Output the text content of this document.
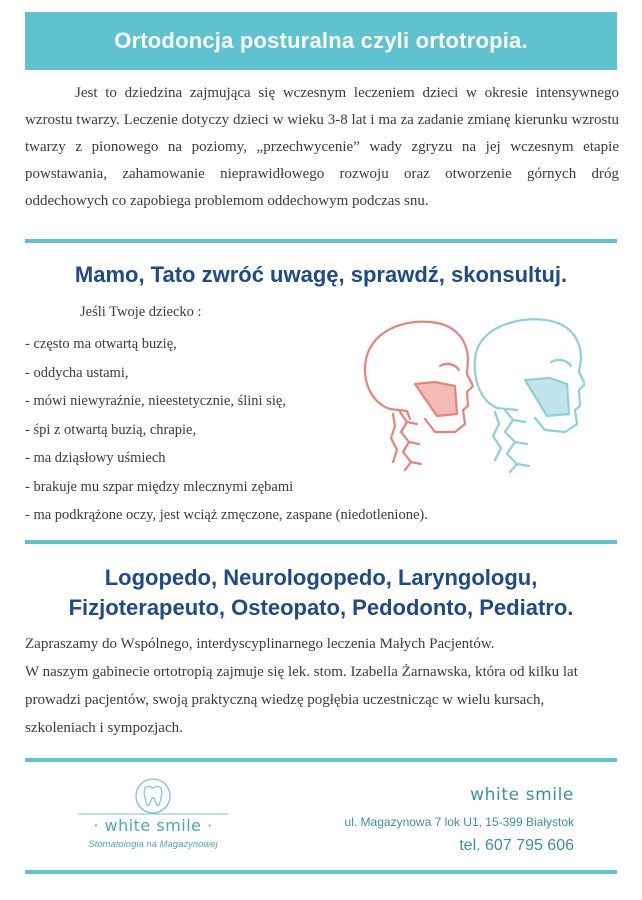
Ortodoncja posturalna czyli ortotropia.

Jest to dziedzina zajmująca się wczesnym leczeniem dzieci w okresie intensywnego wzrostu twarzy. Leczenie dotyczy dzieci w wieku 3-8 lat i ma za zadanie zmianę kierunku wzrostu twarzy z pionowego na poziomy, „przechwycenie” wady zgryzu na jej wczesnym etapie powstawania, zahamowanie nieprawidłowego rozwoju oraz otworzenie górnych dróg oddechowych co zapobiega problemom oddechowym podczas snu.

Mamo, Tato zwróć uwagę, sprawdź, skonsultuj.

Jeśli Twoje dziecko :

- często ma otwartą buzię,
- oddycha ustami,
- mówi niewyraźnie, nieestetycznie, ślini się,
- śpi z otwartą buzią, chrapie,
- ma dziąsłowy uśmiech
- brakuje mu szpar między mlecznymi zębami
- ma podkrążone oczy, jest wciąż zmęczone, zaspane (niedotlenione).
Logopedo, Neurologopedo, Laryngologu,
Fizjoterapeuto, Osteopato, Pedodonto, Pediatro.

Zapraszamy do Wspólnego, interdyscyplinarnego leczenia Małych Pacjentów.

W naszym gabinecie ortotropią zajmuje się lek. stom. Izabella Żarnawska, która od kilku lat prowadzi pacjentów, swoją praktyczną wiedzę pogłębia uczestnicząc w wielu kursach, szkoleniach i sympozjach.

· white smile ·
Stomatologia na Magazynowej
white smile
ul. Magazynowa 7 lok U1, 15-399 Białystok
tel. 607 795 606
